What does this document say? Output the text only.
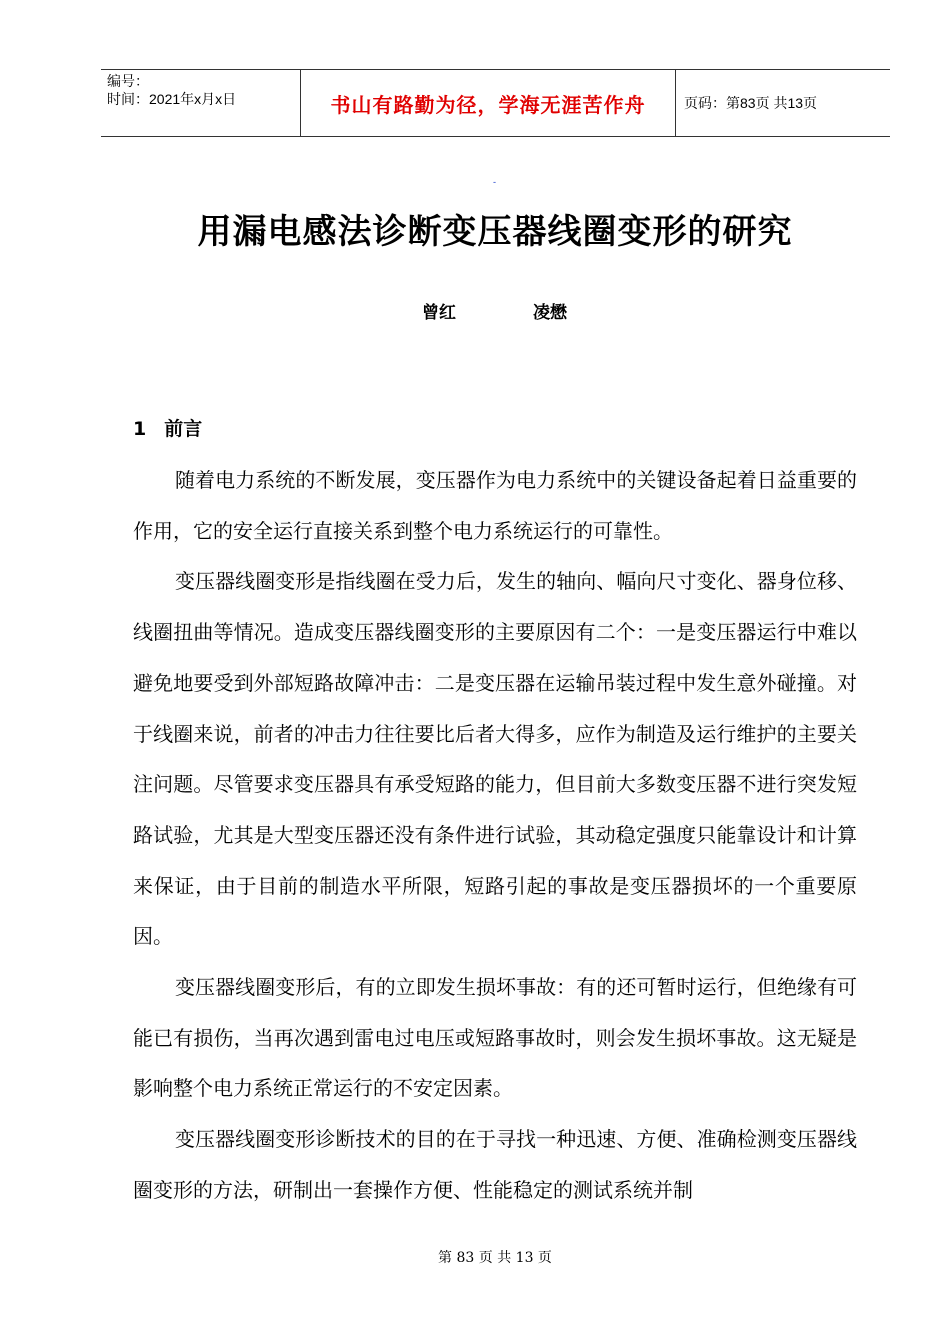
编号：
时间：2021年x月x日	书山有路勤为径，学海无涯苦作舟	页码：第83页 共13页
-
用漏电感法诊断变压器线圈变形的研究
曾红	凌懋
1 前言

随着电力系统的不断发展，变压器作为电力系统中的关键设备起着日益重要的作用，它的安全运行直接关系到整个电力系统运行的可靠性。

变压器线圈变形是指线圈在受力后，发生的轴向、幅向尺寸变化、器身位移、线圈扭曲等情况。造成变压器线圈变形的主要原因有二个：一是变压器运行中难以避免地要受到外部短路故障冲击：二是变压器在运输吊装过程中发生意外碰撞。对于线圈来说，前者的冲击力往往要比后者大得多，应作为制造及运行维护的主要关注问题。尽管要求变压器具有承受短路的能力，但目前大多数变压器不进行突发短路试验，尤其是大型变压器还没有条件进行试验，其动稳定强度只能靠设计和计算来保证，由于目前的制造水平所限，短路引起的事故是变压器损坏的一个重要原因。

变压器线圈变形后，有的立即发生损坏事故：有的还可暂时运行，但绝缘有可能已有损伤，当再次遇到雷电过电压或短路事故时，则会发生损坏事故。这无疑是影响整个电力系统正常运行的不安定因素。

变压器线圈变形诊断技术的目的在于寻找一种迅速、方便、准确检测变压器线圈变形的方法，研制出一套操作方便、性能稳定的测试系统并制

第 83 页 共 13 页
